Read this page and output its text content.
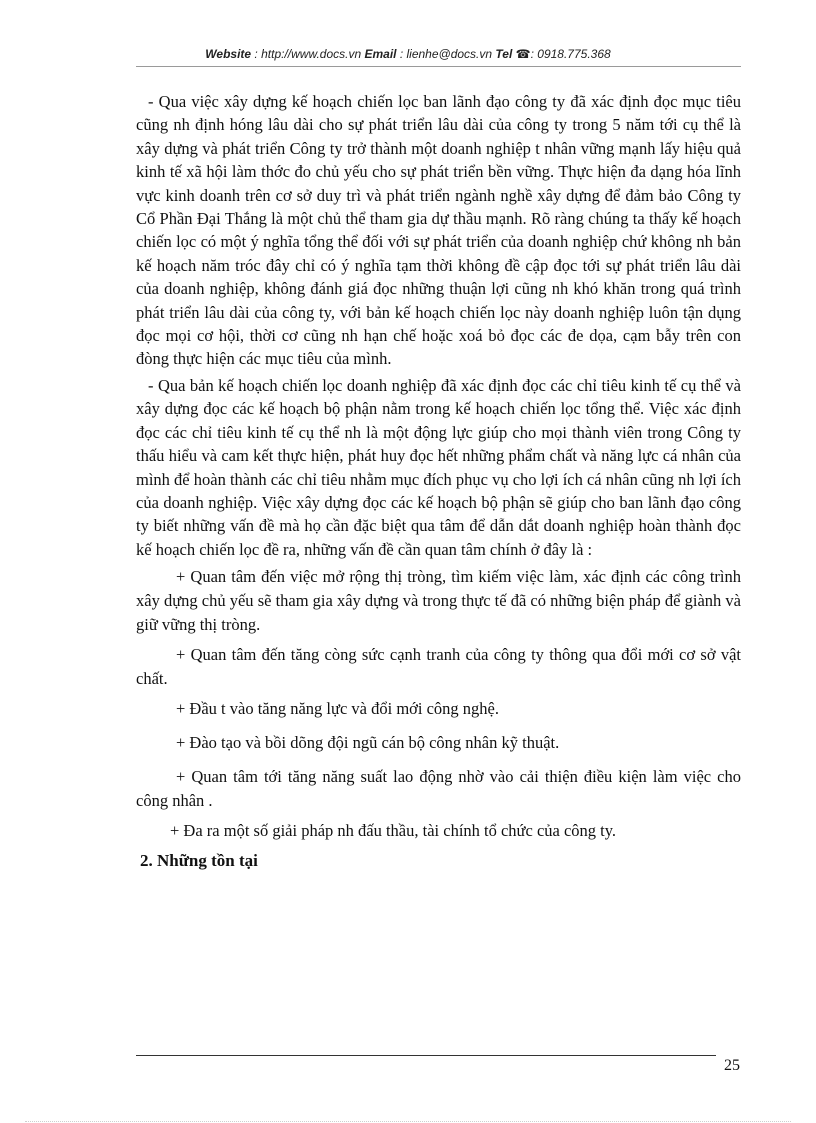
Website : http://www.docs.vn Email : lienhe@docs.vn Tel ☎: 0918.775.368

- Qua việc xây dựng kế hoạch chiến lọc ban lãnh đạo công ty đã xác định đọc mục tiêu cũng nh định hóng lâu dài cho sự phát triển lâu dài của công ty trong 5 năm tới cụ thể là xây dựng và phát triển Công ty trở thành một doanh nghiệp t nhân vững mạnh lấy hiệu quả kinh tế xã hội làm thớc đo chủ yếu cho sự phát triển bền vững. Thực hiện đa dạng hóa lĩnh vực kinh doanh trên cơ sở duy trì và phát triển ngành nghề xây dựng để đảm bảo Công ty Cổ Phần Đại Thắng là một chủ thể tham gia dự thầu mạnh. Rõ ràng chúng ta thấy kế hoạch chiến lọc có một ý nghĩa tổng thể đối với sự phát triển của doanh nghiệp chứ không nh bản kế hoạch năm tróc đây chỉ có ý nghĩa tạm thời không đề cập đọc tới sự phát triển lâu dài của doanh nghiệp, không đánh giá đọc những thuận lợi cũng nh khó khăn trong quá trình phát triển lâu dài của công ty, với bản kế hoạch chiến lọc này doanh nghiệp luôn tận dụng đọc mọi cơ hội, thời cơ cũng nh hạn chế hoặc xoá bỏ đọc các đe dọa, cạm bẫy trên con đòng thực hiện các mục tiêu của mình.

- Qua bản kế hoạch chiến lọc doanh nghiệp đã xác định đọc các chỉ tiêu kinh tế cụ thể và xây dựng đọc các kế hoạch bộ phận nằm trong kế hoạch chiến lọc tổng thể. Việc xác định đọc các chỉ tiêu kinh tế cụ thể nh là một động lực giúp cho mọi thành viên trong Công ty thấu hiểu và cam kết thực hiện, phát huy đọc hết những phẩm chất và năng lực cá nhân của mình để hoàn thành các chỉ tiêu nhằm mục đích phục vụ cho lợi ích cá nhân cũng nh lợi ích của doanh nghiệp. Việc xây dựng đọc các kế hoạch bộ phận sẽ giúp cho ban lãnh đạo công ty biết những vấn đề mà họ cần đặc biệt qua tâm để dẫn dắt doanh nghiệp hoàn thành đọc kế hoạch chiến lọc đề ra, những vấn đề cần quan tâm chính ở đây là :

+ Quan tâm đến việc mở rộng thị tròng, tìm kiếm việc làm, xác định các công trình xây dựng chủ yếu sẽ tham gia xây dựng và trong thực tế đã có những biện pháp để giành và giữ vững thị tròng.

+ Quan tâm đến tăng còng sức cạnh tranh của công ty thông qua đổi mới cơ sở vật chất.

+ Đầu t vào tăng năng lực và đổi mới công nghệ.

+ Đào tạo và bồi dõng đội ngũ cán bộ công nhân kỹ thuật.

+ Quan tâm tới tăng năng suất lao động nhờ vào cải thiện điều kiện làm việc cho công nhân .

+ Đa ra một số giải pháp nh đấu thầu, tài chính tổ chức của công ty.

2. Những tồn tại
25
